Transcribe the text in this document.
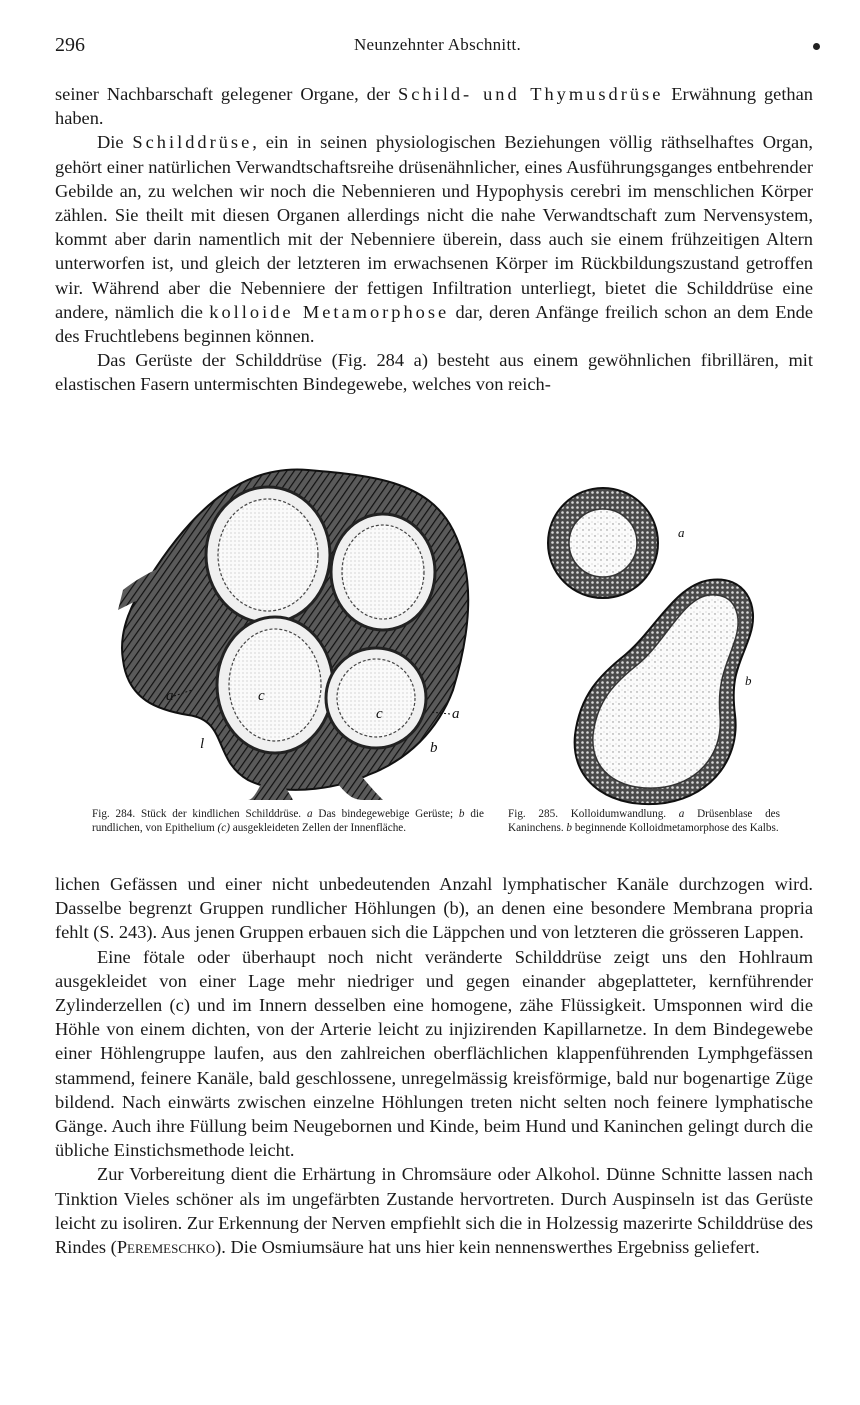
296	Neunzehnter Abschnitt.

seiner Nachbarschaft gelegener Organe, der Schild- und Thymusdrüse Erwähnung gethan haben.

Die Schilddrüse, ein in seinen physiologischen Beziehungen völlig räthselhaftes Organ, gehört einer natürlichen Verwandtschaftsreihe drüsenähnlicher, eines Ausführungsganges entbehrender Gebilde an, zu welchen wir noch die Nebennieren und Hypophysis cerebri im menschlichen Körper zählen. Sie theilt mit diesen Organen allerdings nicht die nahe Verwandtschaft zum Nervensystem, kommt aber darin namentlich mit der Nebenniere überein, dass auch sie einem frühzeitigen Altern unterworfen ist, und gleich der letzteren im erwachsenen Körper im Rückbildungszustand getroffen wir. Während aber die Nebenniere der fettigen Infiltration unterliegt, bietet die Schilddrüse eine andere, nämlich die kolloide Metamorphose dar, deren Anfänge freilich schon an dem Ende des Fruchtlebens beginnen können.

Das Gerüste der Schilddrüse (Fig. 284 a) besteht aus einem gewöhnlichen fibrillären, mit elastischen Fasern untermischten Bindegewebe, welches von reich-

a	c
l
c	a
b
a
b
Fig. 284. Stück der kindlichen Schilddrüse. a Das bindegewebige Gerüste; b die rundlichen, von Epithelium (c) ausgekleideten Zellen der Innenfläche.
Fig. 285. Kolloidumwandlung. a Drüsenblase des Kaninchens. b beginnende Kolloidmetamorphose des Kalbs.

lichen Gefässen und einer nicht unbedeutenden Anzahl lymphatischer Kanäle durchzogen wird. Dasselbe begrenzt Gruppen rundlicher Höhlungen (b), an denen eine besondere Membrana propria fehlt (S. 243). Aus jenen Gruppen erbauen sich die Läppchen und von letzteren die grösseren Lappen.

Eine fötale oder überhaupt noch nicht veränderte Schilddrüse zeigt uns den Hohlraum ausgekleidet von einer Lage mehr niedriger und gegen einander abgeplatteter, kernführender Zylinderzellen (c) und im Innern desselben eine homogene, zähe Flüssigkeit. Umsponnen wird die Höhle von einem dichten, von der Arterie leicht zu injizirenden Kapillarnetze. In dem Bindegewebe einer Höhlengruppe laufen, aus den zahlreichen oberflächlichen klappenführenden Lymphgefässen stammend, feinere Kanäle, bald geschlossene, unregelmässig kreisförmige, bald nur bogenartige Züge bildend. Nach einwärts zwischen einzelne Höhlungen treten nicht selten noch feinere lymphatische Gänge. Auch ihre Füllung beim Neugebornen und Kinde, beim Hund und Kaninchen gelingt durch die übliche Einstichsmethode leicht.

Zur Vorbereitung dient die Erhärtung in Chromsäure oder Alkohol. Dünne Schnitte lassen nach Tinktion Vieles schöner als im ungefärbten Zustande hervortreten. Durch Auspinseln ist das Gerüste leicht zu isoliren. Zur Erkennung der Nerven empfiehlt sich die in Holzessig mazerirte Schilddrüse des Rindes (Peremeschko). Die Osmiumsäure hat uns hier kein nennenswerthes Ergebniss geliefert.
